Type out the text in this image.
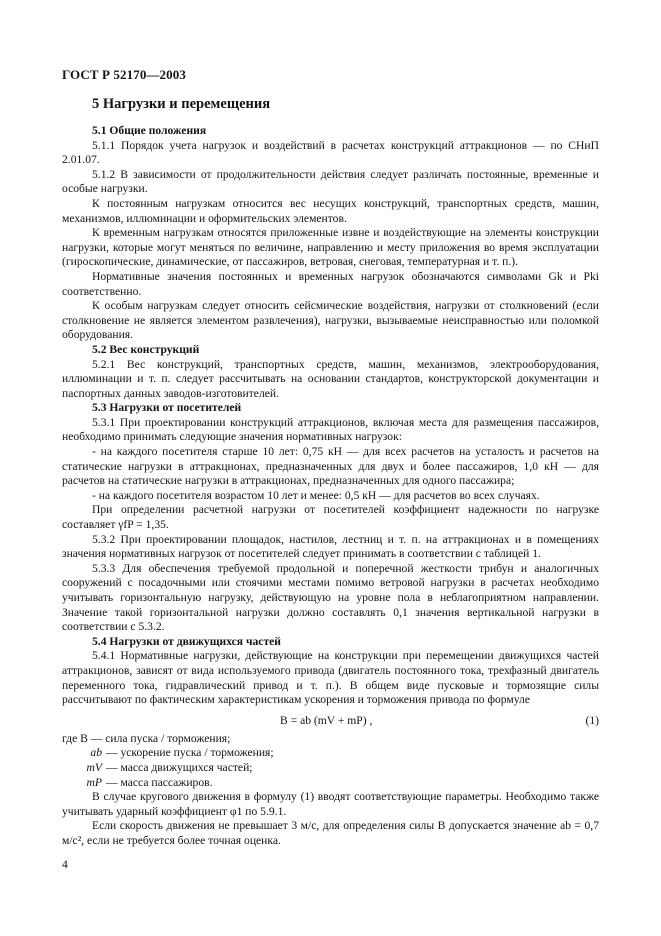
ГОСТ Р 52170—2003
5 Нагрузки и перемещения
5.1 Общие положения

5.1.1 Порядок учета нагрузок и воздействий в расчетах конструкций аттракционов — по СНиП 2.01.07.

5.1.2 В зависимости от продолжительности действия следует различать постоянные, временные и особые нагрузки.

К постоянным нагрузкам относится вес несущих конструкций, транспортных средств, машин, механизмов, иллюминации и оформительских элементов.

К временным нагрузкам относятся приложенные извне и воздействующие на элементы конструкции нагрузки, которые могут меняться по величине, направлению и месту приложения во время эксплуатации (гироскопические, динамические, от пассажиров, ветровая, снеговая, температурная и т. п.).

Нормативные значения постоянных и временных нагрузок обозначаются символами Gk и Pki соответственно.

К особым нагрузкам следует относить сейсмические воздействия, нагрузки от столкновений (если столкновение не является элементом развлечения), нагрузки, вызываемые неисправностью или поломкой оборудования.

5.2 Вес конструкций

5.2.1 Вес конструкций, транспортных средств, машин, механизмов, электрооборудования, иллюминации и т. п. следует рассчитывать на основании стандартов, конструкторской документации и паспортных данных заводов-изготовителей.

5.3 Нагрузки от посетителей

5.3.1 При проектировании конструкций аттракционов, включая места для размещения пассажиров, необходимо принимать следующие значения нормативных нагрузок:

- на каждого посетителя старше 10 лет: 0,75 кН — для всех расчетов на усталость и расчетов на статические нагрузки в аттракционах, предназначенных для двух и более пассажиров, 1,0 кН — для расчетов на статические нагрузки в аттракционах, предназначенных для одного пассажира;

- на каждого посетителя возрастом 10 лет и менее: 0,5 кН — для расчетов во всех случаях.

При определении расчетной нагрузки от посетителей коэффициент надежности по нагрузке составляет γfP = 1,35.

5.3.2 При проектировании площадок, настилов, лестниц и т. п. на аттракционах и в помещениях значения нормативных нагрузок от посетителей следует принимать в соответствии с таблицей 1.

5.3.3 Для обеспечения требуемой продольной и поперечной жесткости трибун и аналогичных сооружений с посадочными или стоячими местами помимо ветровой нагрузки в расчетах необходимо учитывать горизонтальную нагрузку, действующую на уровне пола в неблагоприятном направлении. Значение такой горизонтальной нагрузки должно составлять 0,1 значения вертикальной нагрузки в соответствии с 5.3.2.

5.4 Нагрузки от движущихся частей

5.4.1 Нормативные нагрузки, действующие на конструкции при перемещении движущихся частей аттракционов, зависят от вида используемого привода (двигатель постоянного тока, трехфазный двигатель переменного тока, гидравлический привод и т. п.). В общем виде пусковые и тормозящие силы рассчитывают по фактическим характеристикам ускорения и торможения привода по формуле

B = ab (mV + mP) ,	(1)
где B — сила пуска / торможения;
ab — ускорение пуска / торможения;
mV — масса движущихся частей;
mP — масса пассажиров.

В случае кругового движения в формулу (1) вводят соответствующие параметры. Необходимо также учитывать ударный коэффициент φ1 по 5.9.1.

Если скорость движения не превышает 3 м/с, для определения силы B допускается значение ab = 0,7 м/с², если не требуется более точная оценка.

4
